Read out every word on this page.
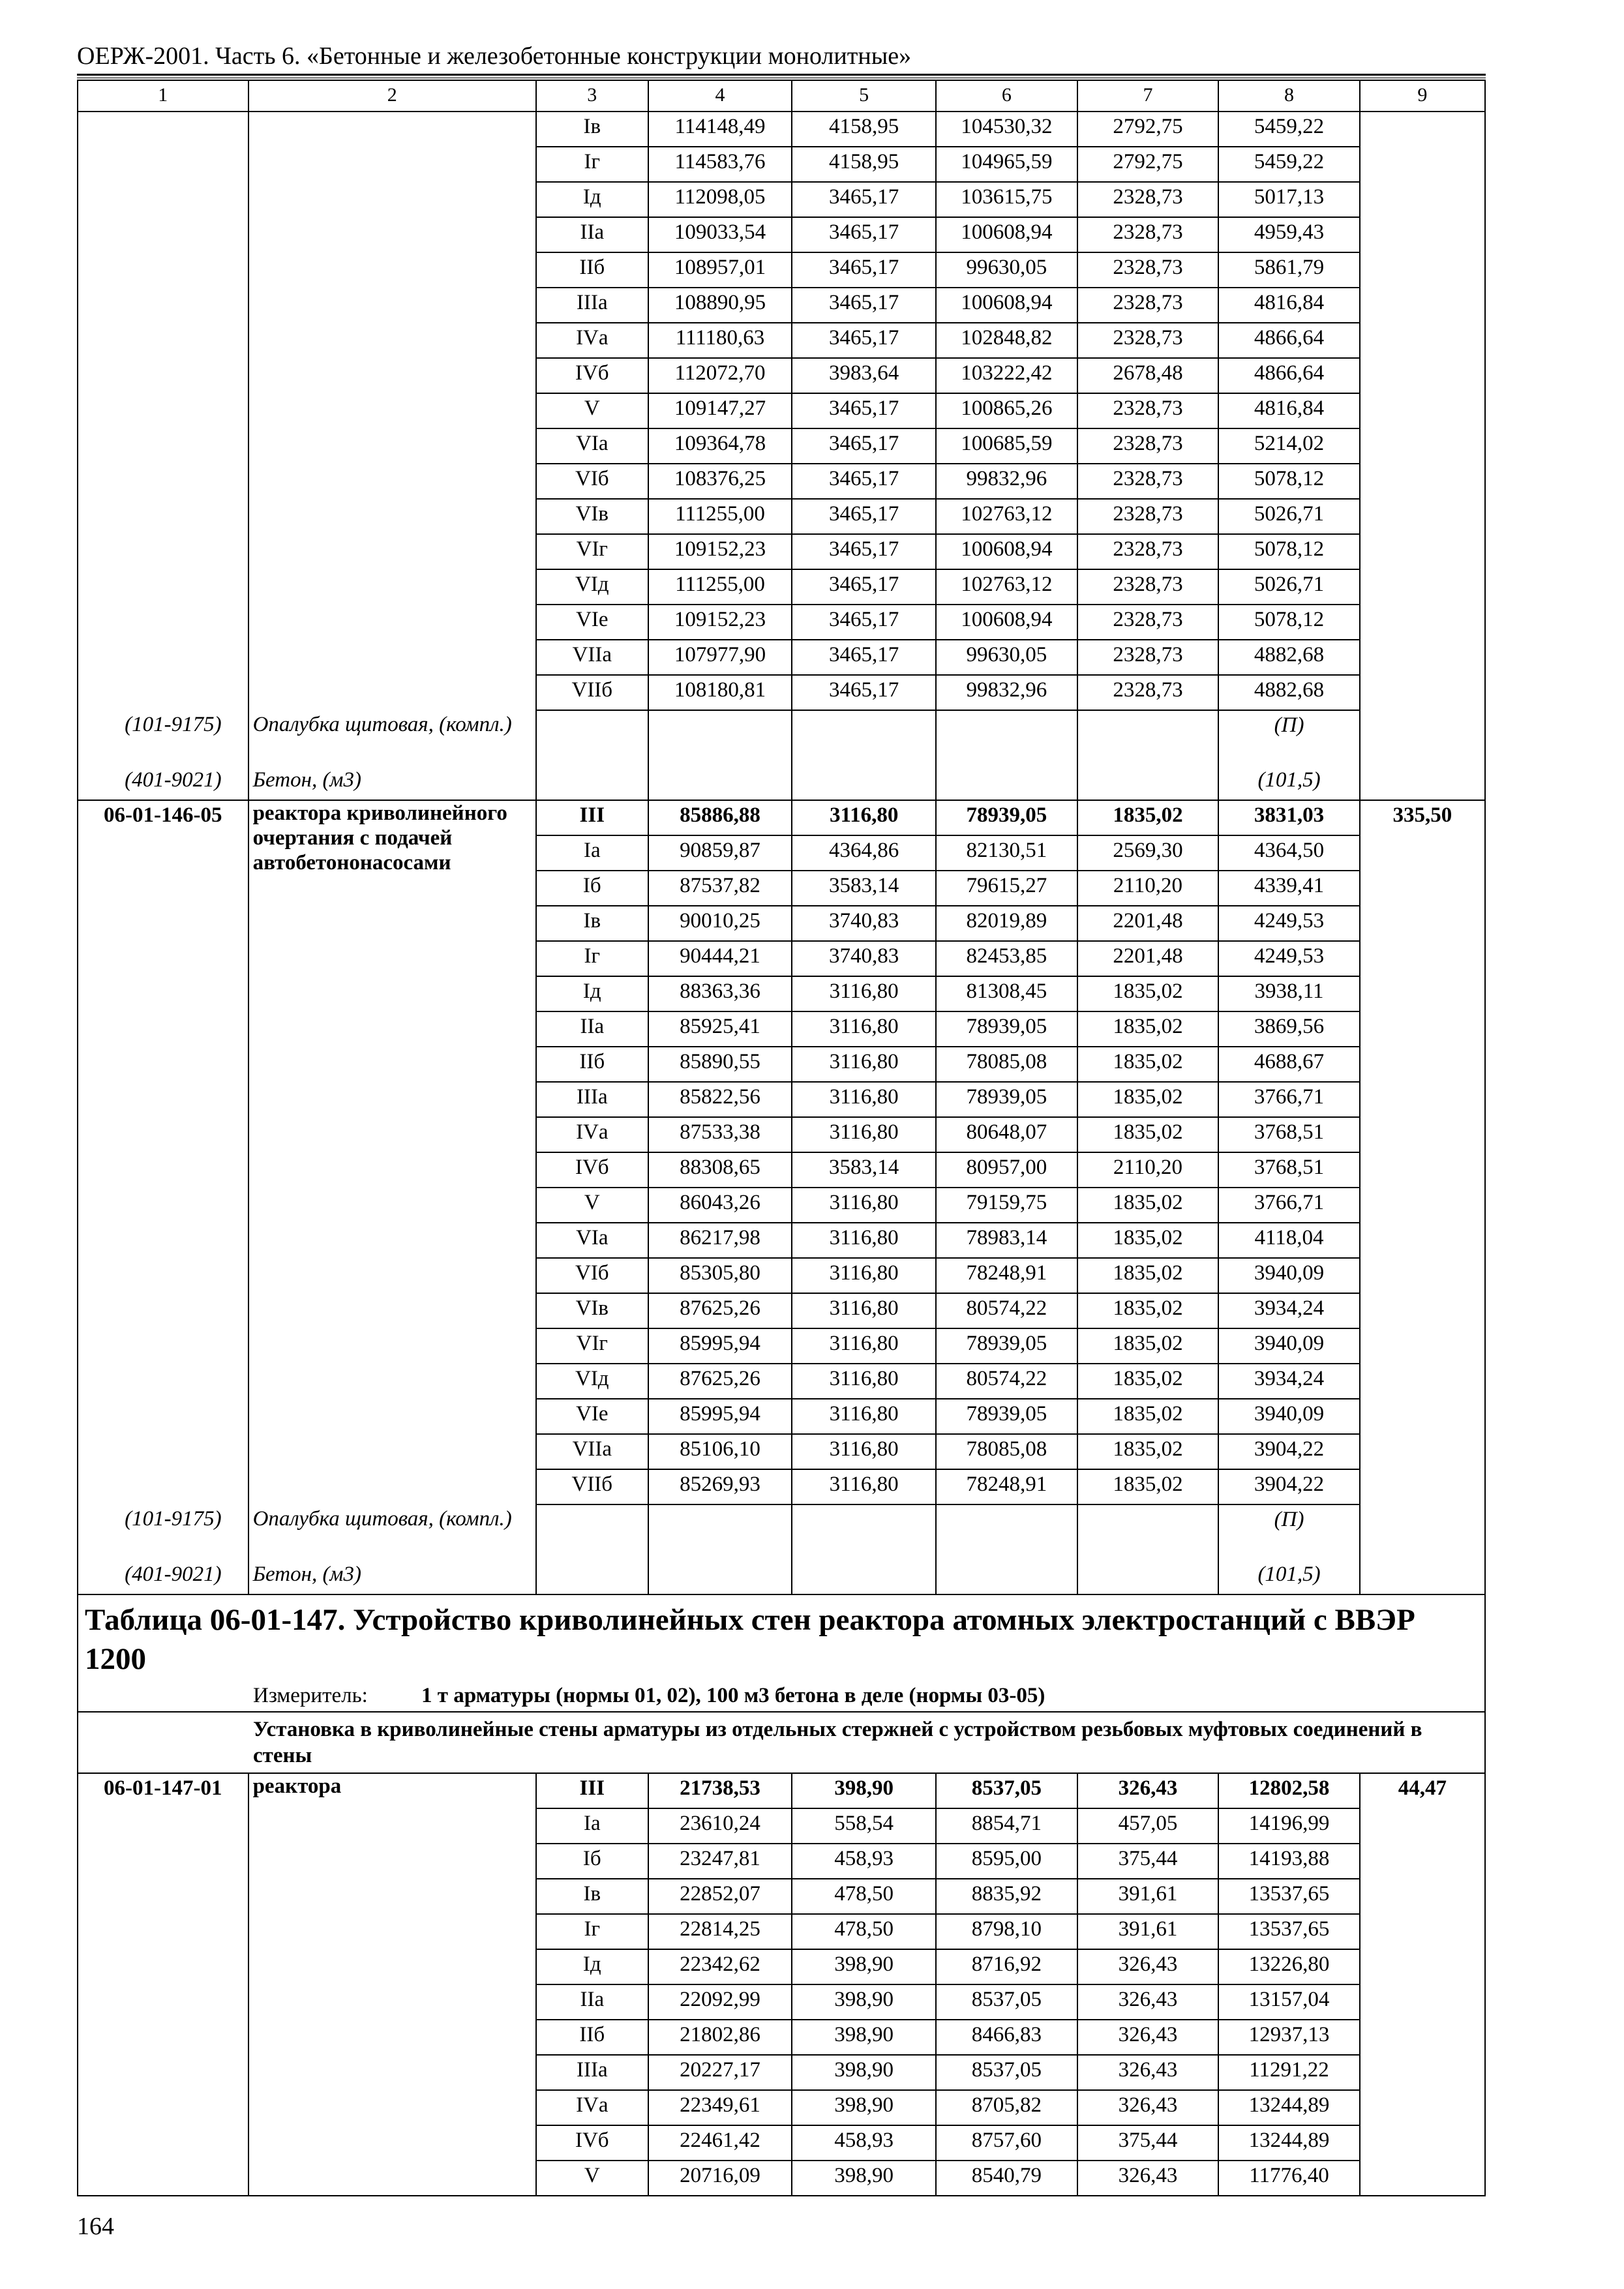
ОЕРЖ-2001. Часть 6. «Бетонные и железобетонные конструкции монолитные»
1	2	3	4	5	6	7	8	9
		Iв	114148,49	4158,95	104530,32	2792,75	5459,22	
		Iг	114583,76	4158,95	104965,59	2792,75	5459,22	
		Iд	112098,05	3465,17	103615,75	2328,73	5017,13	
		IIа	109033,54	3465,17	100608,94	2328,73	4959,43	
		IIб	108957,01	3465,17	99630,05	2328,73	5861,79	
		IIIа	108890,95	3465,17	100608,94	2328,73	4816,84	
		IVа	111180,63	3465,17	102848,82	2328,73	4866,64	
		IVб	112072,70	3983,64	103222,42	2678,48	4866,64	
		V	109147,27	3465,17	100865,26	2328,73	4816,84	
		VIа	109364,78	3465,17	100685,59	2328,73	5214,02	
		VIб	108376,25	3465,17	99832,96	2328,73	5078,12	
		VIв	111255,00	3465,17	102763,12	2328,73	5026,71	
		VIг	109152,23	3465,17	100608,94	2328,73	5078,12	
		VIд	111255,00	3465,17	102763,12	2328,73	5026,71	
		VIе	109152,23	3465,17	100608,94	2328,73	5078,12	
		VIIа	107977,90	3465,17	99630,05	2328,73	4882,68	
		VIIб	108180,81	3465,17	99832,96	2328,73	4882,68	
(101-9175)	Опалубка щитовая, (компл.)						(П)	
(401-9021)	Бетон, (м3)						(101,5)	
06-01-146-05	реактора криволинейного очертания с подачей автобетононасосами	III	85886,88	3116,80	78939,05	1835,02	3831,03	335,50
		Iа	90859,87	4364,86	82130,51	2569,30	4364,50	
		Iб	87537,82	3583,14	79615,27	2110,20	4339,41	
		Iв	90010,25	3740,83	82019,89	2201,48	4249,53	
		Iг	90444,21	3740,83	82453,85	2201,48	4249,53	
		Iд	88363,36	3116,80	81308,45	1835,02	3938,11	
		IIа	85925,41	3116,80	78939,05	1835,02	3869,56	
		IIб	85890,55	3116,80	78085,08	1835,02	4688,67	
		IIIа	85822,56	3116,80	78939,05	1835,02	3766,71	
		IVа	87533,38	3116,80	80648,07	1835,02	3768,51	
		IVб	88308,65	3583,14	80957,00	2110,20	3768,51	
		V	86043,26	3116,80	79159,75	1835,02	3766,71	
		VIа	86217,98	3116,80	78983,14	1835,02	4118,04	
		VIб	85305,80	3116,80	78248,91	1835,02	3940,09	
		VIв	87625,26	3116,80	80574,22	1835,02	3934,24	
		VIг	85995,94	3116,80	78939,05	1835,02	3940,09	
		VIд	87625,26	3116,80	80574,22	1835,02	3934,24	
		VIе	85995,94	3116,80	78939,05	1835,02	3940,09	
		VIIа	85106,10	3116,80	78085,08	1835,02	3904,22	
		VIIб	85269,93	3116,80	78248,91	1835,02	3904,22	
(101-9175)	Опалубка щитовая, (компл.)						(П)	
(401-9021)	Бетон, (м3)						(101,5)	
Таблица 06-01-147. Устройство криволинейных стен реактора атомных электростанций с ВВЭР 1200								
Измеритель: 1 т арматуры (нормы 01, 02), 100 м3 бетона в деле (нормы 03-05)								
Установка в криволинейные стены арматуры из отдельных стержней с устройством резьбовых муфтовых соединений в стены								
06-01-147-01	реактора	III	21738,53	398,90	8537,05	326,43	12802,58	44,47
		Iа	23610,24	558,54	8854,71	457,05	14196,99	
		Iб	23247,81	458,93	8595,00	375,44	14193,88	
		Iв	22852,07	478,50	8835,92	391,61	13537,65	
		Iг	22814,25	478,50	8798,10	391,61	13537,65	
		Iд	22342,62	398,90	8716,92	326,43	13226,80	
		IIа	22092,99	398,90	8537,05	326,43	13157,04	
		IIб	21802,86	398,90	8466,83	326,43	12937,13	
		IIIа	20227,17	398,90	8537,05	326,43	11291,22	
		IVа	22349,61	398,90	8705,82	326,43	13244,89	
		IVб	22461,42	458,93	8757,60	375,44	13244,89	
		V	20716,09	398,90	8540,79	326,43	11776,40	
164
